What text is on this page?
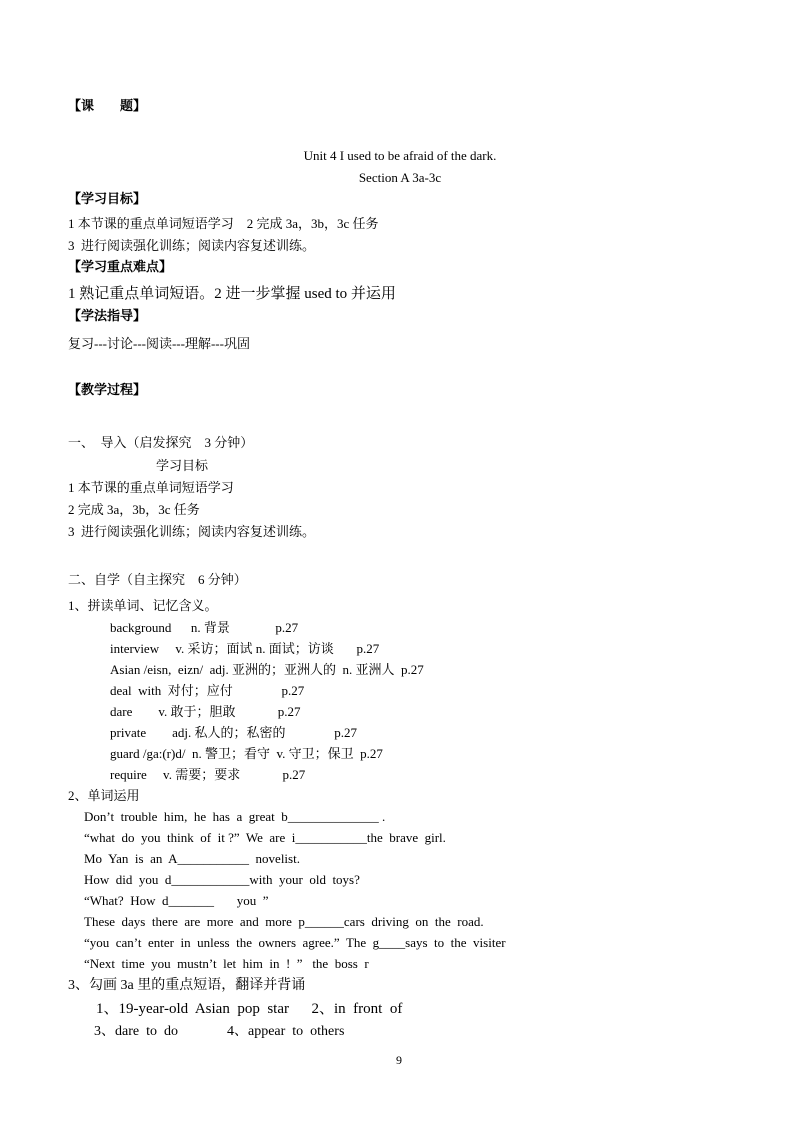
【课　　题】
Unit 4 I used to be afraid of the dark.
Section A 3a-3c
【学习目标】
1 本节课的重点单词短语学习    2 完成 3a，3b，3c 任务
3  进行阅读强化训练；阅读内容复述训练。
【学习重点难点】
1 熟记重点单词短语。2 进一步掌握 used to 并运用
【学法指导】
复习---讨论---阅读---理解---巩固
【教学过程】
一、  导入（启发探究    3 分钟）
学习目标
1 本节课的重点单词短语学习
2 完成 3a，3b，3c 任务
3  进行阅读强化训练；阅读内容复述训练。
二、自学（自主探究    6 分钟）
1、拼读单词、记忆含义。
background      n. 背景              p.27
interview     v. 采访；面试 n. 面试；访谈       p.27
Asian /eisn,  eizn/  adj. 亚洲的；亚洲人的  n. 亚洲人  p.27
deal  with  对付；应付               p.27
dare        v. 敢于；胆敢             p.27
private        adj. 私人的；私密的               p.27
guard /ga:(r)d/  n. 警卫；看守  v. 守卫；保卫  p.27
require     v. 需要；要求             p.27
2、单词运用
Don’t  trouble  him,  he  has  a  great  b______________ .
“what  do  you  think  of  it ?”  We  are  i___________the  brave  girl.
Mo  Yan  is  an  A___________  novelist.
How  did  you  d____________with  your  old  toys?
“What?  How  d_______       you  ”
These  days  there  are  more  and  more  p______cars  driving  on  the  road.
“you  can’t  enter  in  unless  the  owners  agree.”  The  g____says  to  the  visiter
“Next  time  you  mustn’t  let  him  in  !  ”   the  boss  r
3、勾画 3a 里的重点短语，翻译并背诵
1、19-year-old  Asian  pop  star      2、in  front  of
3、dare  to  do              4、appear  to  others
9
